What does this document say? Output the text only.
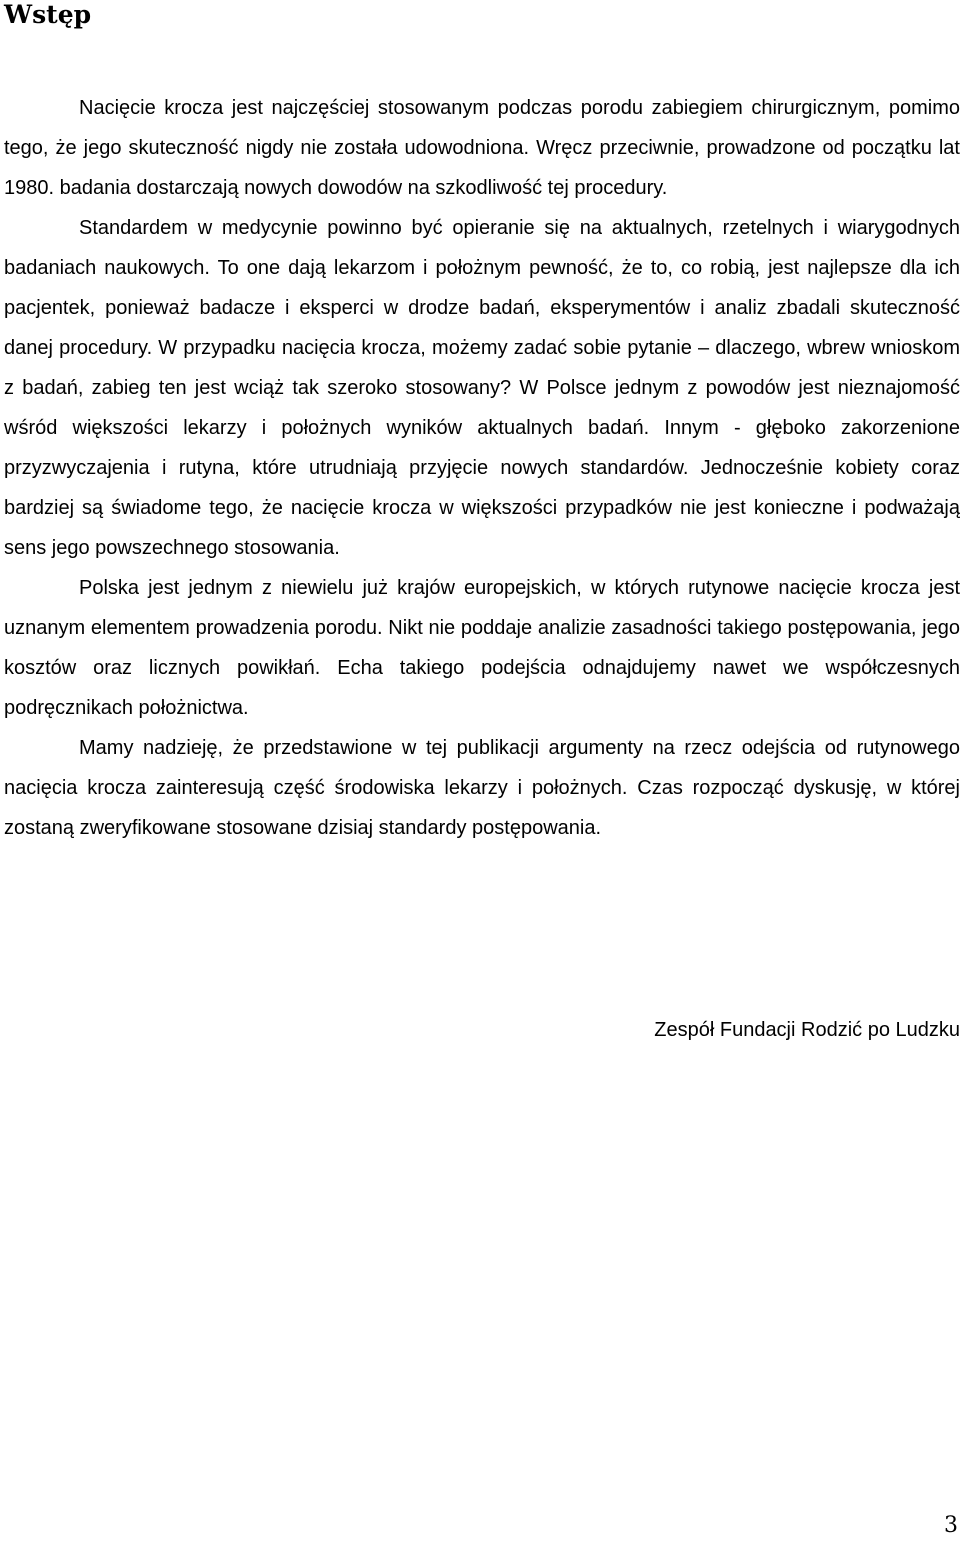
Wstęp

Nacięcie krocza jest najczęściej stosowanym podczas porodu zabiegiem chirurgicznym, pomimo tego, że jego skuteczność nigdy nie została udowodniona. Wręcz przeciwnie, prowadzone od początku lat 1980. badania dostarczają nowych dowodów na szkodliwość tej procedury.

Standardem w medycynie powinno być opieranie się na aktualnych, rzetelnych i wiarygodnych badaniach naukowych. To one dają lekarzom i położnym pewność, że to, co robią, jest najlepsze dla ich pacjentek, ponieważ badacze i eksperci w drodze badań, eksperymentów i analiz zbadali skuteczność danej procedury. W przypadku nacięcia krocza, możemy zadać sobie pytanie – dlaczego, wbrew wnioskom z badań, zabieg ten jest wciąż tak szeroko stosowany? W Polsce jednym z powodów jest nieznajomość wśród większości lekarzy i położnych wyników aktualnych badań. Innym - głęboko zakorzenione przyzwyczajenia i rutyna, które utrudniają przyjęcie nowych standardów. Jednocześnie kobiety coraz bardziej są świadome tego, że nacięcie krocza w większości przypadków nie jest konieczne i podważają sens jego powszechnego stosowania.

Polska jest jednym z niewielu już krajów europejskich, w których rutynowe nacięcie krocza jest uznanym elementem prowadzenia porodu. Nikt nie poddaje analizie zasadności takiego postępowania, jego kosztów oraz licznych powikłań. Echa takiego podejścia odnajdujemy nawet we współczesnych podręcznikach położnictwa.

Mamy nadzieję, że przedstawione w tej publikacji argumenty na rzecz odejścia od rutynowego nacięcia krocza zainteresują część środowiska lekarzy i położnych. Czas rozpocząć dyskusję, w której zostaną zweryfikowane stosowane dzisiaj standardy postępowania.

Zespół Fundacji Rodzić po Ludzku

3
